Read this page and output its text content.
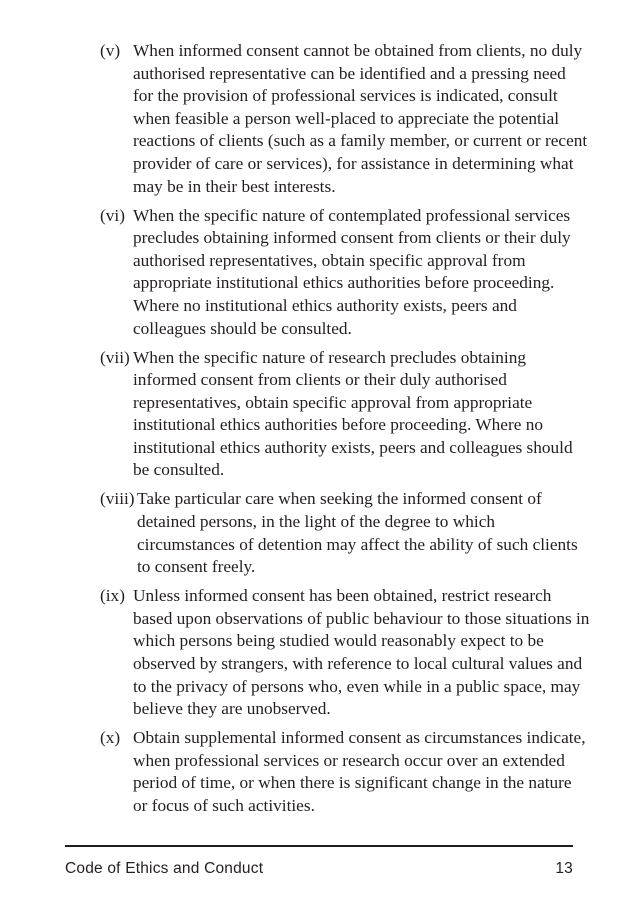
(v) When informed consent cannot be obtained from clients, no duly authorised representative can be identified and a pressing need for the provision of professional services is indicated, consult when feasible a person well-placed to appreciate the potential reactions of clients (such as a family member, or current or recent provider of care or services), for assistance in determining what may be in their best interests.
(vi) When the specific nature of contemplated professional services precludes obtaining informed consent from clients or their duly authorised representatives, obtain specific approval from appropriate institutional ethics authorities before proceeding. Where no institutional ethics authority exists, peers and colleagues should be consulted.
(vii) When the specific nature of research precludes obtaining informed consent from clients or their duly authorised representatives, obtain specific approval from appropriate institutional ethics authorities before proceeding. Where no institutional ethics authority exists, peers and colleagues should be consulted.
(viii) Take particular care when seeking the informed consent of detained persons, in the light of the degree to which circumstances of detention may affect the ability of such clients to consent freely.
(ix) Unless informed consent has been obtained, restrict research based upon observations of public behaviour to those situations in which persons being studied would reasonably expect to be observed by strangers, with reference to local cultural values and to the privacy of persons who, even while in a public space, may believe they are unobserved.
(x) Obtain supplemental informed consent as circumstances indicate, when professional services or research occur over an extended period of time, or when there is significant change in the nature or focus of such activities.
Code of Ethics and Conduct	13
